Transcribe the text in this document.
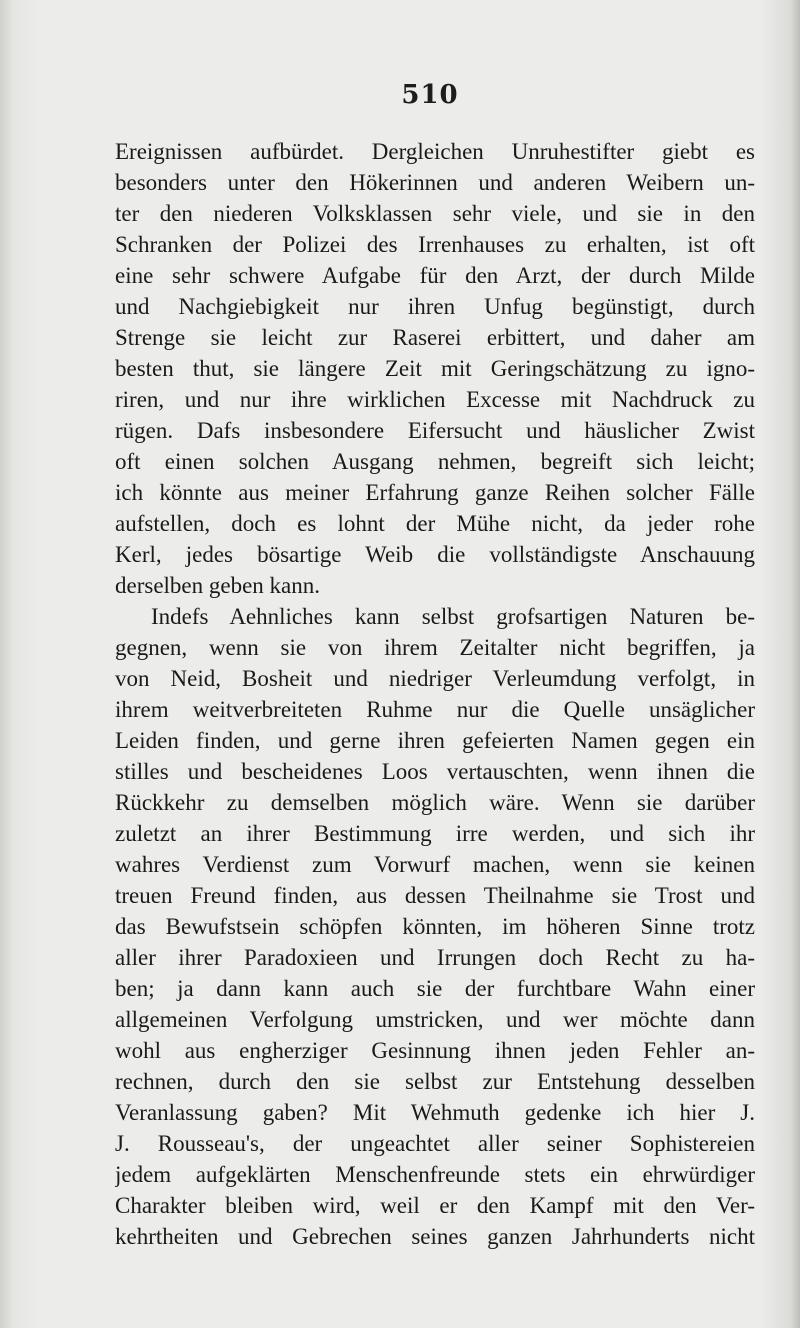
510
Ereignissen aufbürdet. Dergleichen Unruhestifter giebt es
besonders unter den Hökerinnen und anderen Weibern un-
ter den niederen Volksklassen sehr viele, und sie in den
Schranken der Polizei des Irrenhauses zu erhalten, ist oft
eine sehr schwere Aufgabe für den Arzt, der durch Milde
und Nachgiebigkeit nur ihren Unfug begünstigt, durch
Strenge sie leicht zur Raserei erbittert, und daher am
besten thut, sie längere Zeit mit Geringschätzung zu igno-
riren, und nur ihre wirklichen Excesse mit Nachdruck zu
rügen. Dafs insbesondere Eifersucht und häuslicher Zwist
oft einen solchen Ausgang nehmen, begreift sich leicht;
ich könnte aus meiner Erfahrung ganze Reihen solcher Fälle
aufstellen, doch es lohnt der Mühe nicht, da jeder rohe
Kerl, jedes bösartige Weib die vollständigste Anschauung
derselben geben kann.
Indefs Aehnliches kann selbst grofsartigen Naturen be-
gegnen, wenn sie von ihrem Zeitalter nicht begriffen, ja
von Neid, Bosheit und niedriger Verleumdung verfolgt, in
ihrem weitverbreiteten Ruhme nur die Quelle unsäglicher
Leiden finden, und gerne ihren gefeierten Namen gegen ein
stilles und bescheidenes Loos vertauschten, wenn ihnen die
Rückkehr zu demselben möglich wäre. Wenn sie darüber
zuletzt an ihrer Bestimmung irre werden, und sich ihr
wahres Verdienst zum Vorwurf machen, wenn sie keinen
treuen Freund finden, aus dessen Theilnahme sie Trost und
das Bewufstsein schöpfen könnten, im höheren Sinne trotz
aller ihrer Paradoxieen und Irrungen doch Recht zu ha-
ben; ja dann kann auch sie der furchtbare Wahn einer
allgemeinen Verfolgung umstricken, und wer möchte dann
wohl aus engherziger Gesinnung ihnen jeden Fehler an-
rechnen, durch den sie selbst zur Entstehung desselben
Veranlassung gaben? Mit Wehmuth gedenke ich hier J.
J. Rousseau's, der ungeachtet aller seiner Sophistereien
jedem aufgeklärten Menschenfreunde stets ein ehrwürdiger
Charakter bleiben wird, weil er den Kampf mit den Ver-
kehrtheiten und Gebrechen seines ganzen Jahrhunderts nicht
